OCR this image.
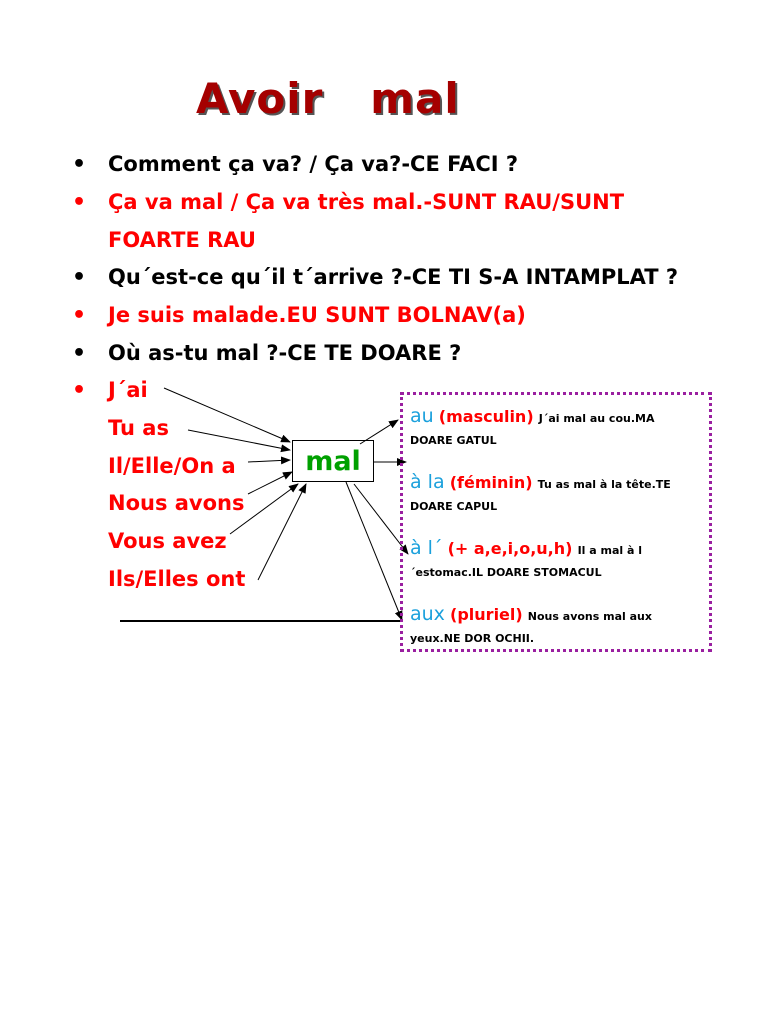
Avoir   mal
• Comment ça va? / Ça va?-CE FACI ?
• Ça va mal / Ça va très mal.-SUNT RAU/SUNT
FOARTE RAU
• Qu´est-ce qu´il t´arrive ?-CE TI S-A INTAMPLAT ?
• Je suis malade.EU SUNT BOLNAV(a)
• Où as-tu mal ?-CE TE DOARE ?
• J´ai
Tu as
Il/Elle/On a
Nous avons
Vous avez
Ils/Elles ont
mal

au (masculin) J´ai mal au cou.MA

DOARE GATUL

à la (féminin) Tu as mal à la tête.TE

DOARE CAPUL

à l´ (+ a,e,i,o,u,h) Il a mal à l

´estomac.IL DOARE STOMACUL

aux (pluriel) Nous avons mal aux

yeux.NE DOR OCHII.
